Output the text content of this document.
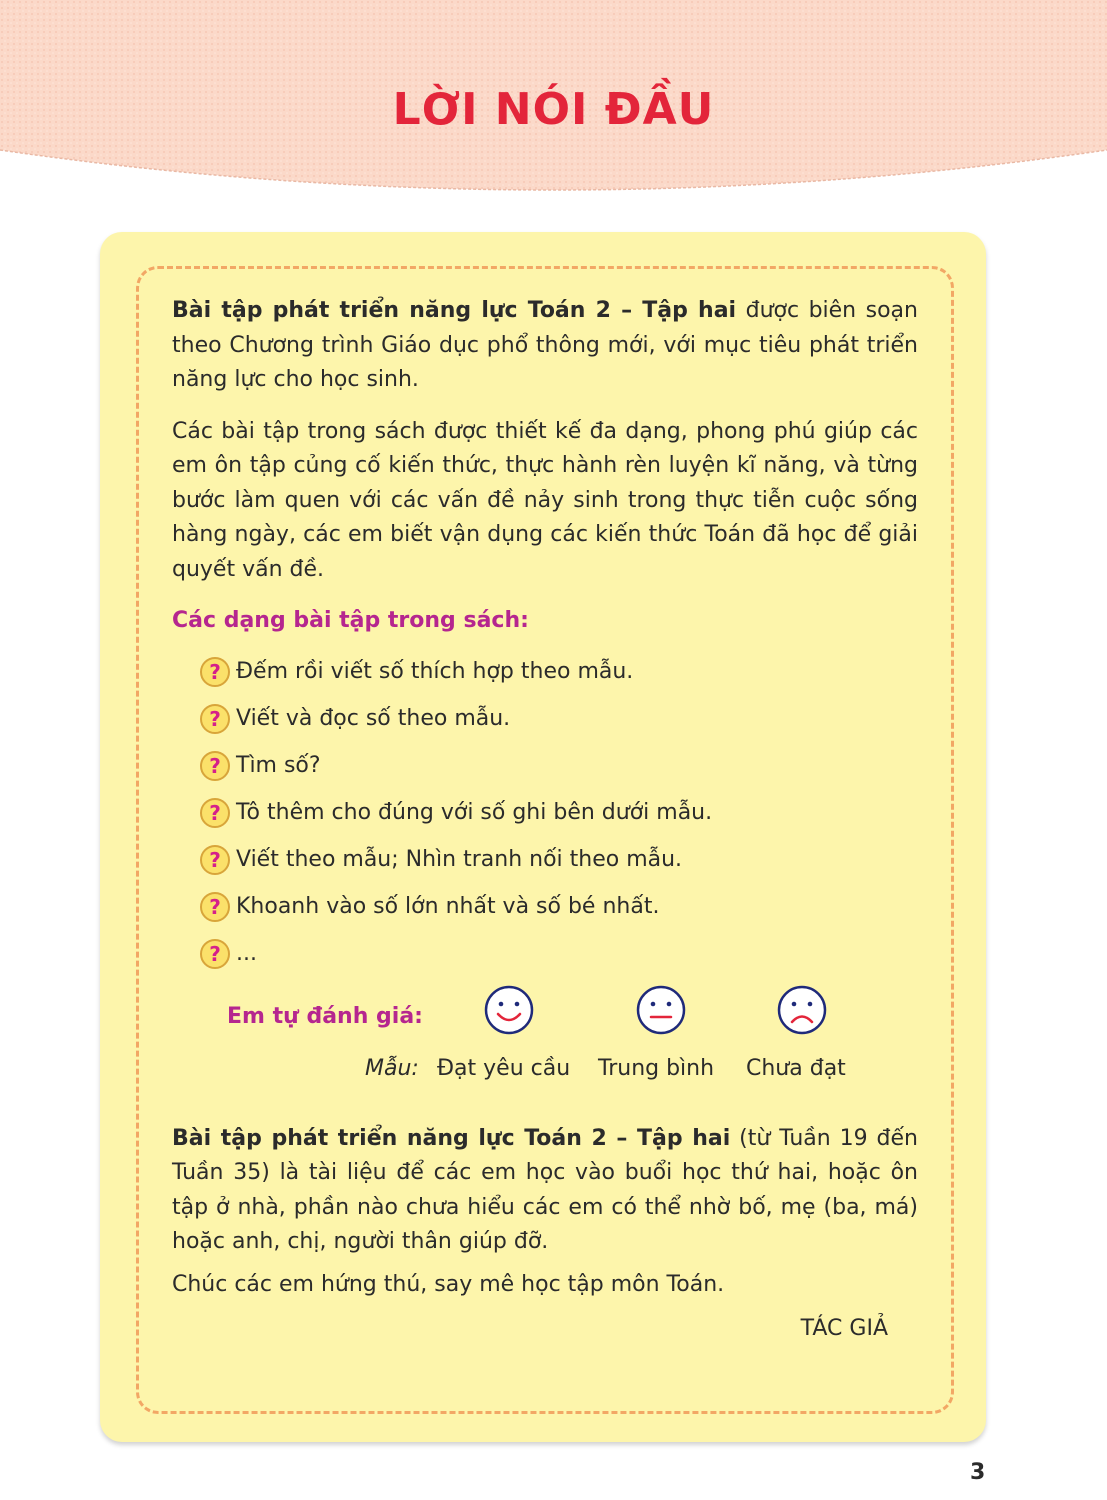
LỜI NÓI ĐẦU

Bài tập phát triển năng lực Toán 2 – Tập hai được biên soạn theo Chương trình Giáo dục phổ thông mới, với mục tiêu phát triển năng lực cho học sinh.

Các bài tập trong sách được thiết kế đa dạng, phong phú giúp các em ôn tập củng cố kiến thức, thực hành rèn luyện kĩ năng, và từng bước làm quen với các vấn đề nảy sinh trong thực tiễn cuộc sống hàng ngày, các em biết vận dụng các kiến thức Toán đã học để giải quyết vấn đề.

Các dạng bài tập trong sách:
? Đếm rồi viết số thích hợp theo mẫu.
? Viết và đọc số theo mẫu.
? Tìm số?
? Tô thêm cho đúng với số ghi bên dưới mẫu.
? Viết theo mẫu; Nhìn tranh nối theo mẫu.
? Khoanh vào số lớn nhất và số bé nhất.
? ...
Em tự đánh giá:
Mẫu: Đạt yêu cầu Trung bình Chưa đạt

Bài tập phát triển năng lực Toán 2 – Tập hai (từ Tuần 19 đến Tuần 35) là tài liệu để các em học vào buổi học thứ hai, hoặc ôn tập ở nhà, phần nào chưa hiểu các em có thể nhờ bố, mẹ (ba, má) hoặc anh, chị, người thân giúp đỡ.

Chúc các em hứng thú, say mê học tập môn Toán.

TÁC GIẢ
3
